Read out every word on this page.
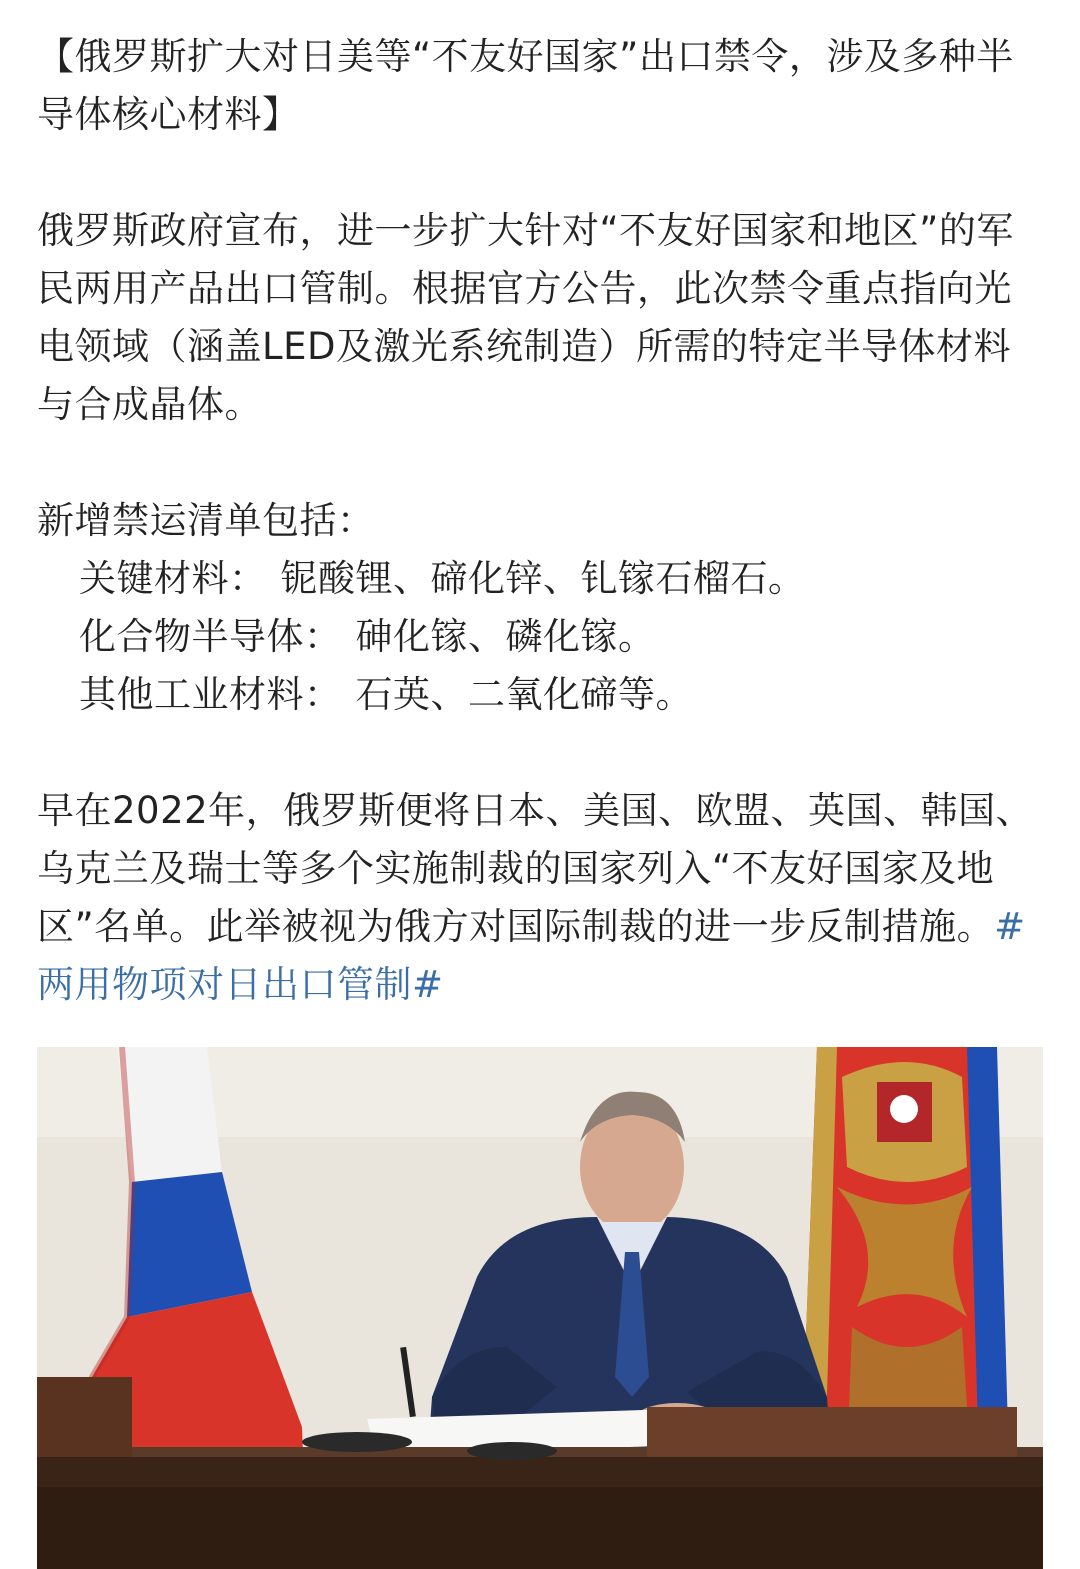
【俄罗斯扩大对日美等“不友好国家”出口禁令，涉及多种半导体核心材料】

俄罗斯政府宣布，进一步扩大针对“不友好国家和地区”的军民两用产品出口管制。根据官方公告，此次禁令重点指向光电领域（涵盖LED及激光系统制造）所需的特定半导体材料与合成晶体。

新增禁运清单包括：

关键材料： 铌酸锂、碲化锌、钆镓石榴石。
化合物半导体： 砷化镓、磷化镓。
其他工业材料： 石英、二氧化碲等。

早在2022年，俄罗斯便将日本、美国、欧盟、英国、韩国、乌克兰及瑞士等多个实施制裁的国家列入“不友好国家及地区”名单。此举被视为俄方对国际制裁的进一步反制措施。#两用物项对日出口管制#
